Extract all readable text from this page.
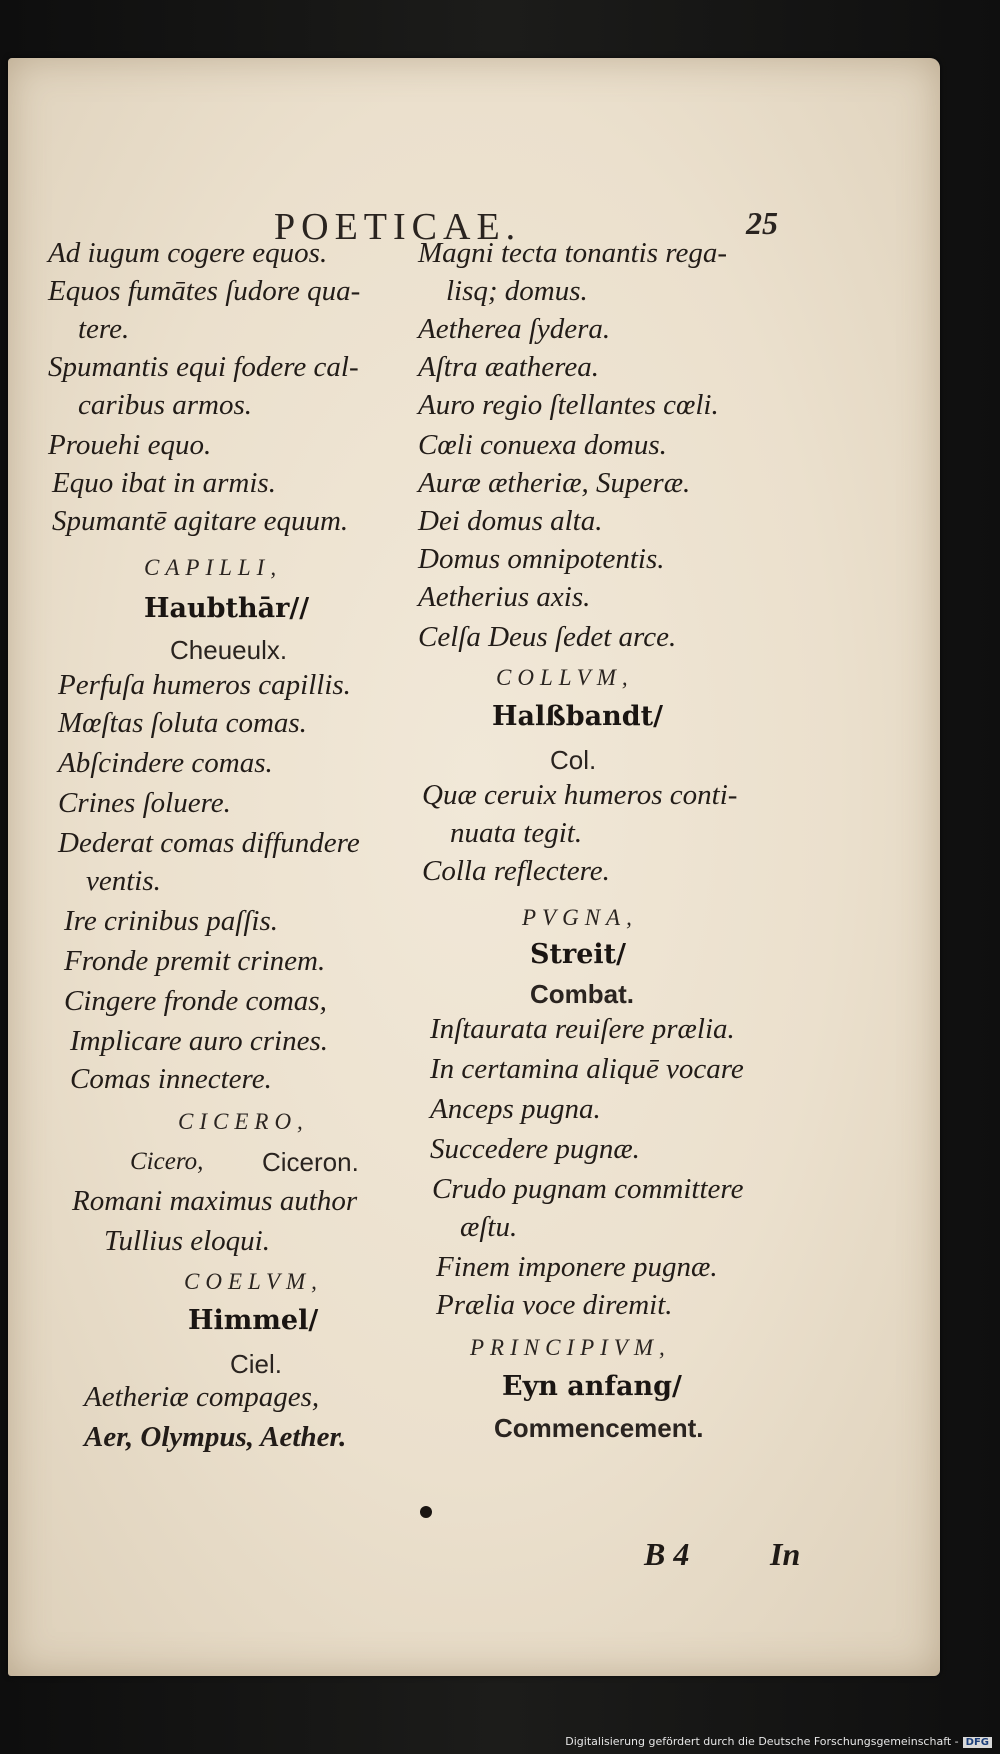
POETICAE.	25
Ad iugum cogere equos.
Equos fumātes ſudore qua-
tere.
Spumantis equi fodere cal-
caribus armos.
Prouehi equo.
Equo ibat in armis.
Spumantē agitare equum.
CAPILLI,
Haubthār//
Cheueulx.
Perfuſa humeros capillis.
Mœſtas ſoluta comas.
Abſcindere comas.
Crines ſoluere.
Dederat comas diffundere
ventis.
Ire crinibus paſſis.
Fronde premit crinem.
Cingere fronde comas,
Implicare auro crines.
Comas innectere.
CICERO,
Cicero, Ciceron.
Romani maximus author
Tullius eloqui.
COELVM,
Himmel/
Ciel.
Aetheriæ compages,
Aer, Olympus, Aether.
Magni tecta tonantis rega-
lisq; domus.
Aetherea ſydera.
Aſtra æatherea.
Auro regio ſtellantes cœli.
Cœli conuexa domus.
Auræ ætheriæ, Superæ.
Dei domus alta.
Domus omnipotentis.
Aetherius axis.
Celſa Deus ſedet arce.
COLLVM,
Halßbandt/
Col.
Quæ ceruix humeros conti-
nuata tegit.
Colla reflectere.
PVGNA,
Streit/
Combat.
Inſtaurata reuiſere prælia.
In certamina aliquē vocare
Anceps pugna.
Succedere pugnæ.
Crudo pugnam committere
æſtu.
Finem imponere pugnæ.
Prælia voce diremit.
PRINCIPIVM,
Eyn anfang/
Commencement.
B 4	In
Digitalisierung gefördert durch die Deutsche Forschungsgemeinschaft - DFG
